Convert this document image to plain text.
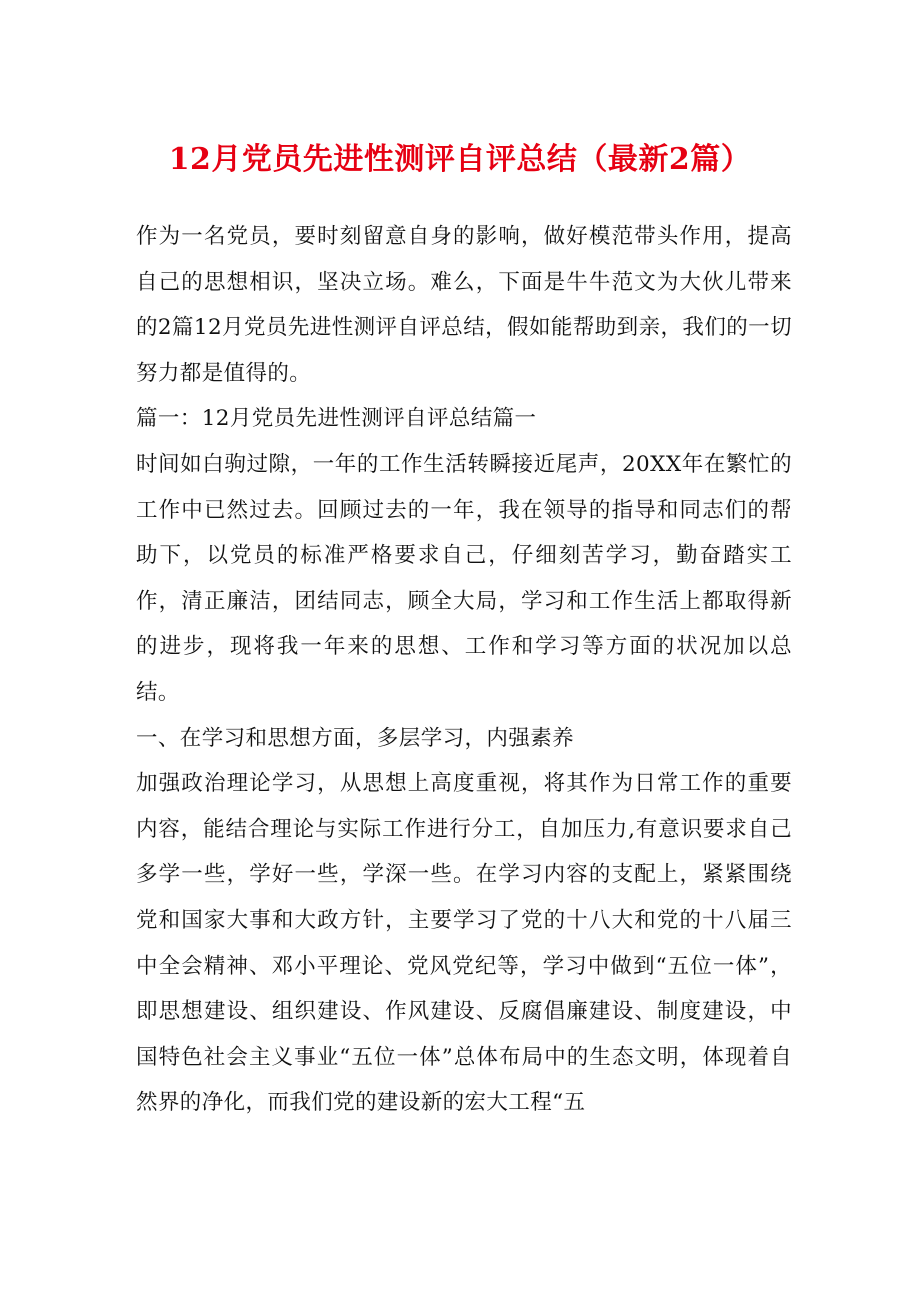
12月党员先进性测评自评总结（最新2篇）

作为一名党员，要时刻留意自身的影响，做好模范带头作用，提高自己的思想相识，坚决立场。难么，下面是牛牛范文为大伙儿带来的2篇12月党员先进性测评自评总结，假如能帮助到亲，我们的一切努力都是值得的。

篇一：12月党员先进性测评自评总结篇一

时间如白驹过隙，一年的工作生活转瞬接近尾声，20XX年在繁忙的工作中已然过去。回顾过去的一年，我在领导的指导和同志们的帮助下，以党员的标准严格要求自己，仔细刻苦学习，勤奋踏实工作，清正廉洁，团结同志，顾全大局，学习和工作生活上都取得新的进步，现将我一年来的思想、工作和学习等方面的状况加以总结。

一、在学习和思想方面，多层学习，内强素养

加强政治理论学习，从思想上高度重视，将其作为日常工作的重要内容，能结合理论与实际工作进行分工，自加压力,有意识要求自己多学一些，学好一些，学深一些。在学习内容的支配上，紧紧围绕党和国家大事和大政方针，主要学习了党的十八大和党的十八届三中全会精神、邓小平理论、党风党纪等，学习中做到“五位一体”，即思想建设、组织建设、作风建设、反腐倡廉建设、制度建设，中国特色社会主义事业“五位一体”总体布局中的生态文明，体现着自然界的净化，而我们党的建设新的宏大工程“五
